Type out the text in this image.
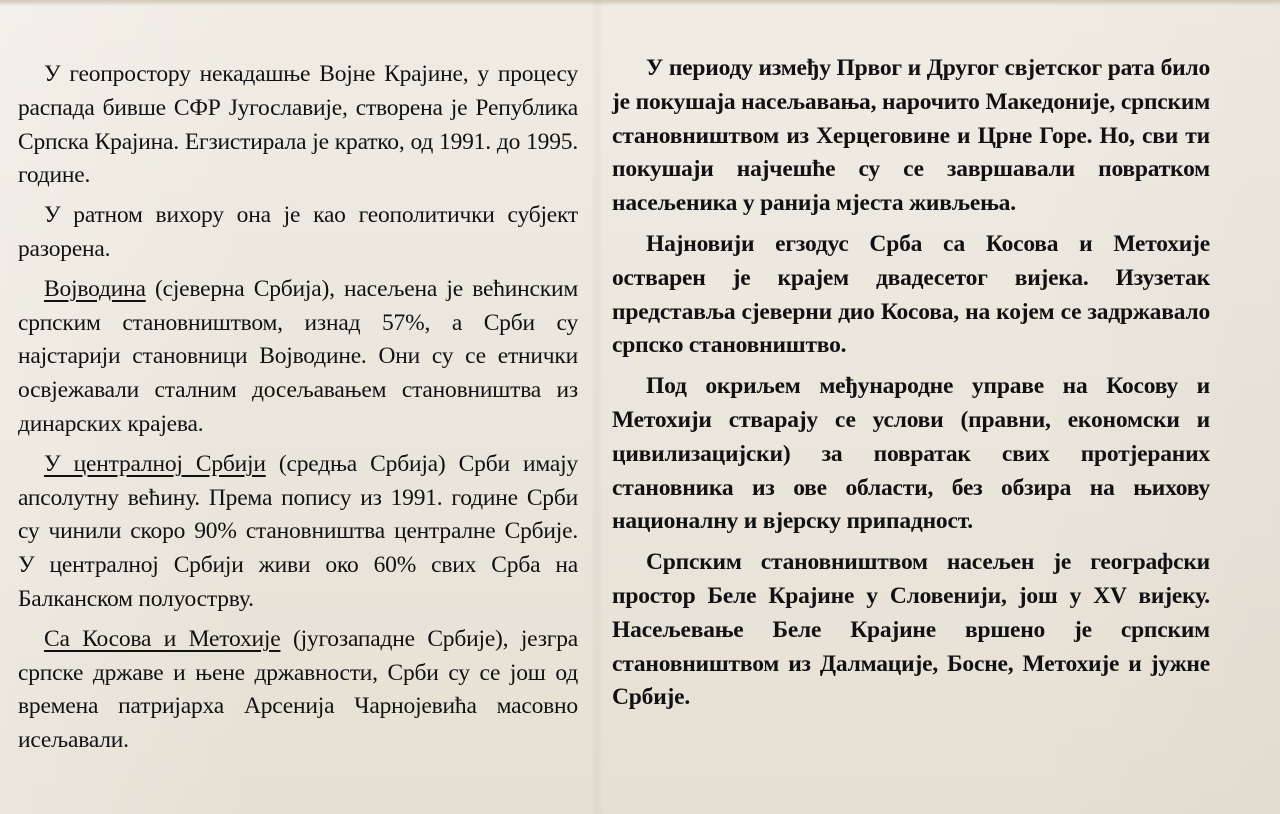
У геопростору некадашње Војне Крајине, у процесу распада бивше СФР Југославије, створена је Република Српска Крајина. Егзистирала је кратко, од 1991. до 1995. године.

У ратном вихору она је као геополитички субјект разорена.

Војводина (сјеверна Србија), насељена је већинским српским становништвом, изнад 57%, а Срби су најстарији становници Војводине. Они су се етнички освјежавали сталним досељавањем становништва из динарских крајева.

У централној Србији (средња Србија) Срби имају апсолутну већину. Према попису из 1991. године Срби су чинили скоро 90% становништва централне Србије. У централној Србији живи око 60% свих Срба на Балканском полуострву.

Са Косова и Метохије (југозападне Србије), језгра српске државе и њене државности, Срби су се још од времена патријарха Арсенија Чарнојевића масовно исељавали.

У периоду између Првог и Другог свјетског рата било је покушаја насељавања, нарочито Македоније, српским становништвом из Херцеговине и Црне Горе. Но, сви ти покушаји најчешће су се завршавали повратком насељеника у ранија мјеста живљења.

Најновији егзодус Срба са Косова и Метохије остварен је крајем двадесетог вијека. Изузетак представља сјеверни дио Косова, на којем се задржавало српско становништво.

Под окриљем међународне управе на Косову и Метохији стварају се услови (правни, економски и цивилизацијски) за повратак свих протјераних становника из ове области, без обзира на њихову националну и вјерску припадност.

Српским становништвом насељен је географски простор Беле Крајине у Словенији, још у XV вијеку. Насељевање Беле Крајине вршено је српским становништвом из Далмације, Босне, Метохије и јужне Србије.
